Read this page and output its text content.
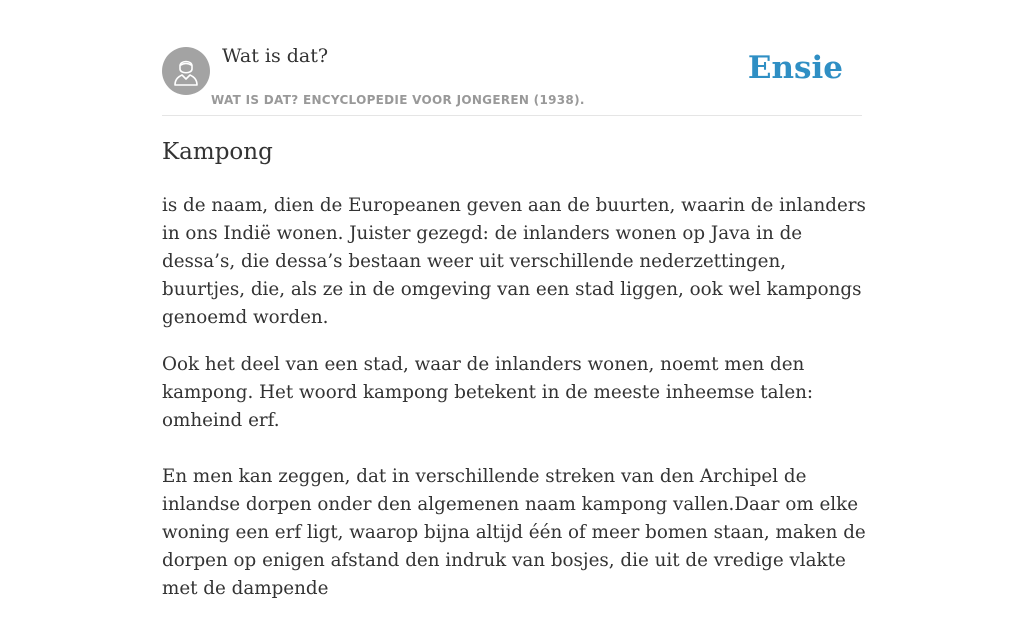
Wat is dat?
WAT IS DAT? ENCYCLOPEDIE VOOR JONGEREN (1938).
Ensie
Kampong

is de naam, dien de Europeanen geven aan de buurten, waarin de inlanders in ons Indië wonen. Juister gezegd: de inlanders wonen op Java in de dessa’s, die dessa’s bestaan weer uit verschillende nederzettingen, buurtjes, die, als ze in de omgeving van een stad liggen, ook wel kampongs genoemd worden.

Ook het deel van een stad, waar de inlanders wonen, noemt men den kampong. Het woord kampong betekent in de meeste inheemse talen: omheind erf.

En men kan zeggen, dat in verschillende streken van den Archipel de inlandse dorpen onder den algemenen naam kampong vallen.Daar om elke woning een erf ligt, waarop bijna altijd één of meer bomen staan, maken de dorpen op enigen afstand den indruk van bosjes, die uit de vredige vlakte met de dampende
